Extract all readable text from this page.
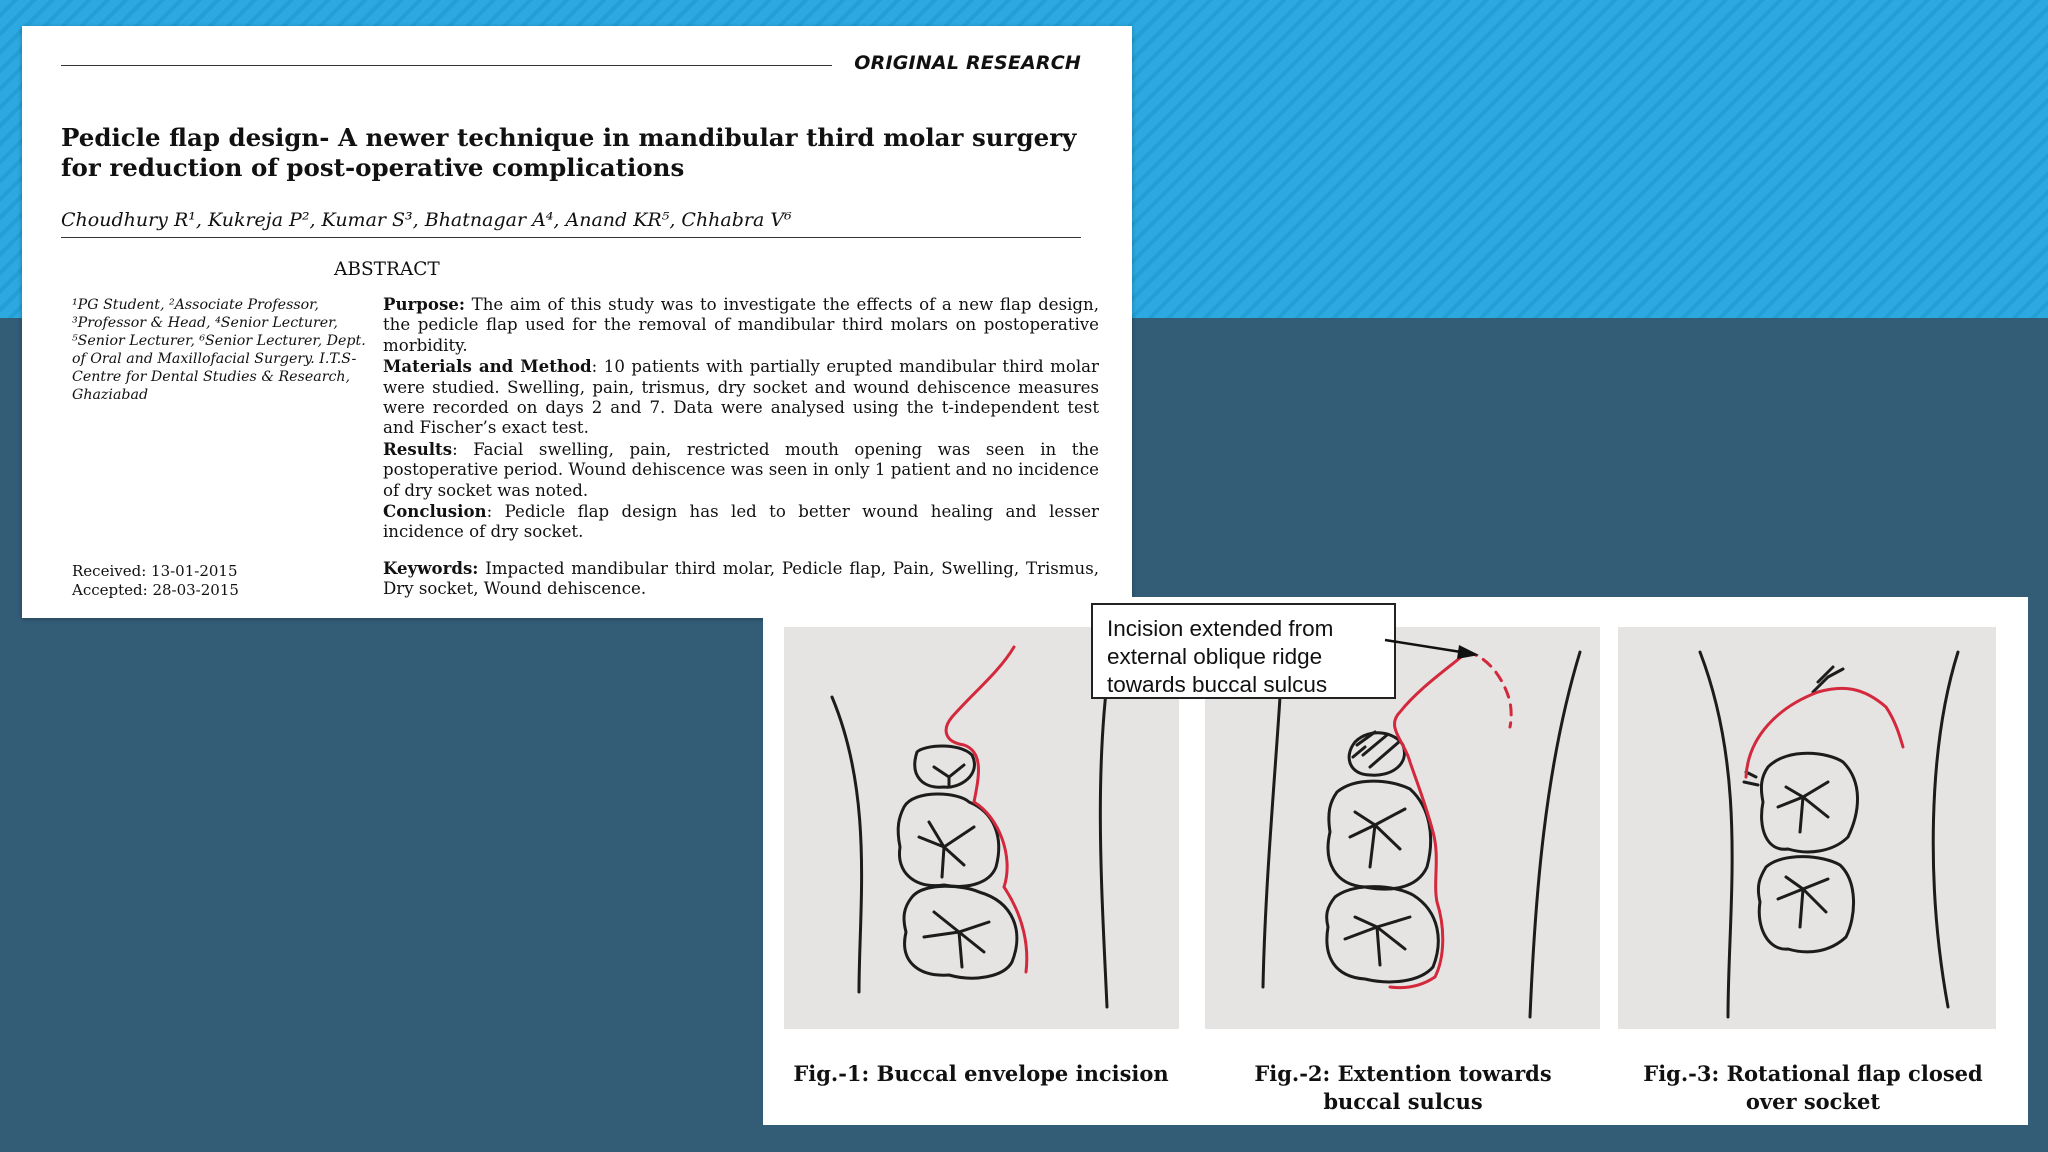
ORIGINAL RESEARCH
Pedicle flap design- A newer technique in mandibular third molar surgery for reduction of post-operative complications
Choudhury R¹, Kukreja P², Kumar S³, Bhatnagar A⁴, Anand KR⁵, Chhabra V⁶
ABSTRACT
¹PG Student, ²Associate Professor, ³Professor & Head, ⁴Senior Lecturer, ⁵Senior Lecturer, ⁶Senior Lecturer, Dept. of Oral and Maxillofacial Surgery. I.T.S-Centre for Dental Studies & Research, Ghaziabad
Received: 13-01-2015
Accepted: 28-03-2015

Purpose: The aim of this study was to investigate the effects of a new flap design, the pedicle flap used for the removal of mandibular third molars on postoperative morbidity.

Materials and Method: 10 patients with partially erupted mandibular third molar were studied. Swelling, pain, trismus, dry socket and wound dehiscence measures were recorded on days 2 and 7. Data were analysed using the t-independent test and Fischer’s exact test.

Results: Facial swelling, pain, restricted mouth opening was seen in the postoperative period. Wound dehiscence was seen in only 1 patient and no incidence of dry socket was noted.

Conclusion: Pedicle flap design has led to better wound healing and lesser incidence of dry socket.

Keywords: Impacted mandibular third molar, Pedicle flap, Pain, Swelling, Trismus, Dry socket, Wound dehiscence.
Fig.-1: Buccal envelope incision	Fig.-2: Extention towards buccal sulcus
Fig.-3: Rotational flap closed over socket
Incision extended from external oblique ridge towards buccal sulcus
